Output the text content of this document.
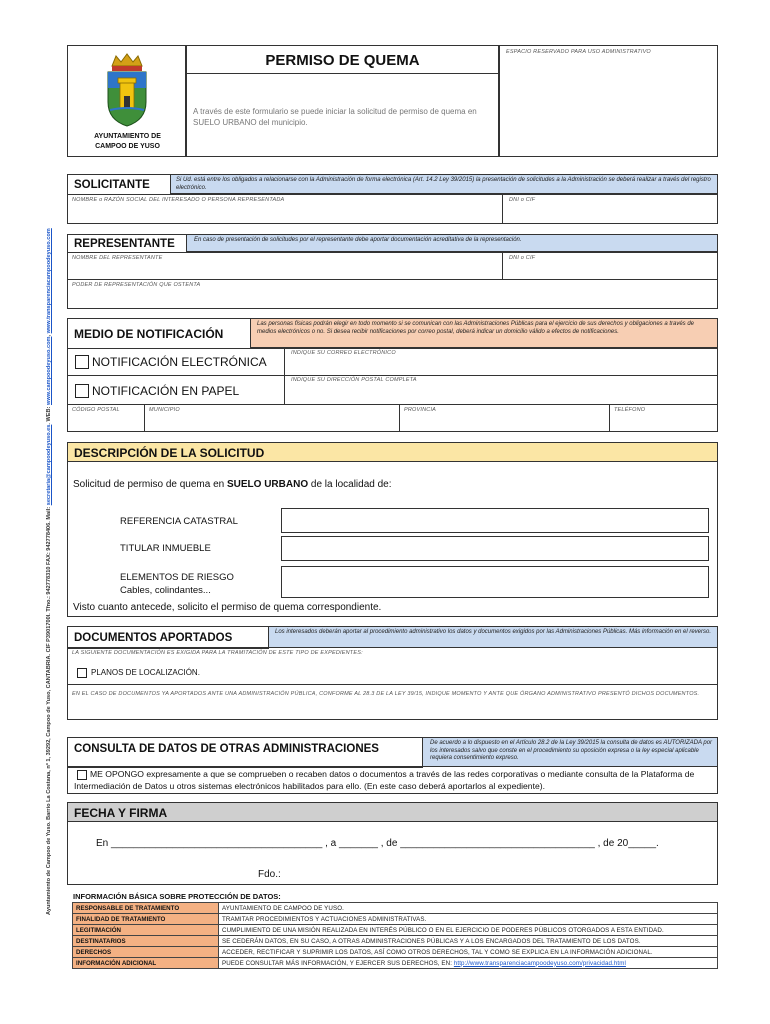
Ayuntamiento de Campoo de Yuso. Barrio La Costana, nº 1, 39292, Campoo de Yuso, CANTABRIA. CIF P3901700I. Tfno.: 942778310 FAX: 942778406. Mail: secretaria@campoodeyuso.es. WEB: www.campoodeyuso.com, www.transparenciacampoodeyuso.com
AYUNTAMIENTO DE
CAMPOO DE YUSO
PERMISO DE QUEMA
A través de este formulario se puede iniciar la solicitud de permiso de quema en SUELO URBANO del municipio.
ESPACIO RESERVADO PARA USO ADMINISTRATIVO
SOLICITANTE	Si Ud. está entre los obligados a relacionarse con la Administración de forma electrónica (Art. 14.2 Ley 39/2015) la presentación de solicitudes a la Administración se deberá realizar a través del registro electrónico.
NOMBRE o RAZÓN SOCIAL DEL INTERESADO O PERSONA REPRESENTADA	DNI o CIF
REPRESENTANTE	En caso de presentación de solicitudes por el representante debe aportar documentación acreditativa de la representación.
NOMBRE DEL REPRESENTANTE	DNI o CIF
PODER DE REPRESENTACIÓN QUE OSTENTA
MEDIO DE NOTIFICACIÓN
Las personas físicas podrán elegir en todo momento si se comunican con las Administraciones Públicas para el ejercicio de sus derechos y obligaciones a través de medios electrónicos o no. Si desea recibir notificaciones por correo postal, deberá indicar un domicilio válido a efectos de notificaciones.
NOTIFICACIÓN ELECTRÓNICA
INDIQUE SU CORREO ELECTRÓNICO
NOTIFICACIÓN EN PAPEL
INDIQUE SU DIRECCIÓN POSTAL COMPLETA
CÓDIGO POSTAL	MUNICIPIO	PROVINCIA	TELÉFONO
DESCRIPCIÓN DE LA SOLICITUD
Solicitud de permiso de quema en SUELO URBANO de la localidad de:
REFERENCIA CATASTRAL
TITULAR INMUEBLE
ELEMENTOS DE RIESGO
Cables, colindantes...
Visto cuanto antecede, solicito el permiso de quema correspondiente.
DOCUMENTOS APORTADOS	Los interesados deberán aportar al procedimiento administrativo los datos y documentos exigidos por las Administraciones Públicas. Más información en el reverso.
LA SIGUIENTE DOCUMENTACIÓN ES EXIGIDA PARA LA TRAMITACIÓN DE ESTE TIPO DE EXPEDIENTES:
PLANOS DE LOCALIZACIÓN.
EN EL CASO DE DOCUMENTOS YA APORTADOS ANTE UNA ADMINISTRACIÓN PÚBLICA, CONFORME AL 28.3 DE LA LEY 39/15, INDIQUE MOMENTO Y ANTE QUE ÓRGANO ADMINISTRATIVO PRESENTÓ DICHOS DOCUMENTOS.
CONSULTA DE DATOS DE OTRAS ADMINISTRACIONES	De acuerdo a lo dispuesto en el Artículo 28.2 de la Ley 39/2015 la consulta de datos es AUTORIZADA por los interesados salvo que conste en el procedimiento su oposición expresa o la ley especial aplicable requiera consentimiento expreso.
ME OPONGO expresamente a que se comprueben o recaben datos o documentos a través de las redes corporativas o mediante consulta de la Plataforma de Intermediación de Datos u otros sistemas electrónicos habilitados para ello. (En este caso deberá aportarlos al expediente).
FECHA Y FIRMA
En ______________________________________ , a _______ , de ___________________________________ , de 20_____.
Fdo.:
INFORMACIÓN BÁSICA SOBRE PROTECCIÓN DE DATOS:
RESPONSABLE DE TRATAMIENTO	AYUNTAMIENTO DE CAMPOO DE YUSO.
FINALIDAD DE TRATAMIENTO	TRAMITAR PROCEDIMIENTOS Y ACTUACIONES ADMINISTRATIVAS.
LEGITIMACIÓN	CUMPLIMIENTO DE UNA MISIÓN REALIZADA EN INTERÉS PÚBLICO O EN EL EJERCICIO DE PODERES PÚBLICOS OTORGADOS A ESTA ENTIDAD.
DESTINATARIOS	SE CEDERÁN DATOS, EN SU CASO, A OTRAS ADMINISTRACIONES PÚBLICAS Y A LOS ENCARGADOS DEL TRATAMIENTO DE LOS DATOS.
DERECHOS	ACCEDER, RECTIFICAR Y SUPRIMIR LOS DATOS, ASÍ COMO OTROS DERECHOS, TAL Y COMO SE EXPLICA EN LA INFORMACIÓN ADICIONAL.
INFORMACIÓN ADICIONAL	PUEDE CONSULTAR MÁS INFORMACIÓN, Y EJERCER SUS DERECHOS, EN: http://www.transparenciacampoodeyuso.com/privacidad.html
